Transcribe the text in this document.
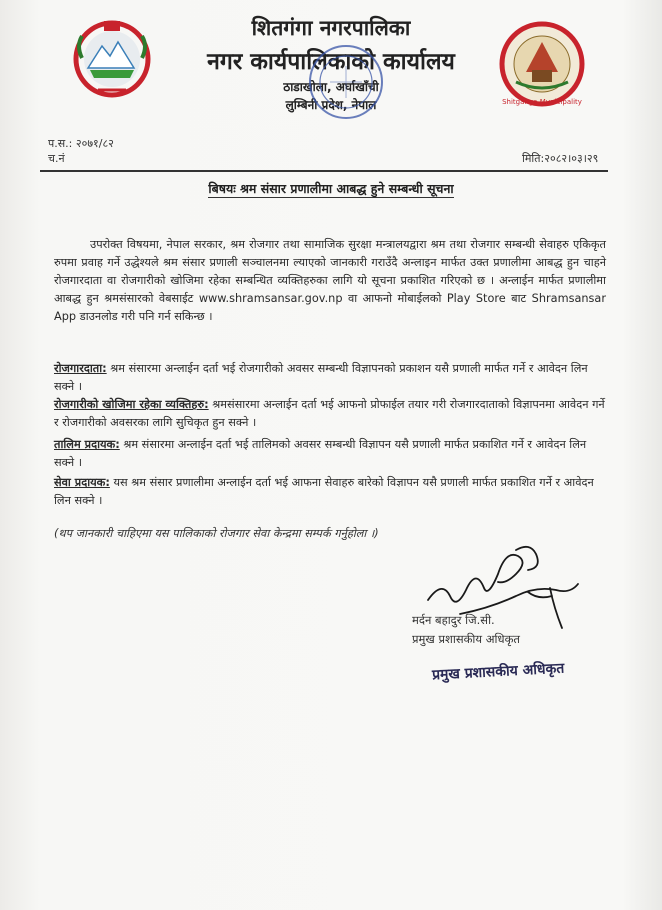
Shitganga Municipality
शितगंगा नगरपालिका
नगर कार्यपालिकाको कार्यालय
ठाडाखोला, अर्घाखाँची
लुम्बिनी प्रदेश, नेपाल
प.स.: २०७१/८२
च.नं	मिति:२०८२।०३।२९
बिषयः श्रम संसार प्रणालीमा आबद्ध हुने सम्बन्धी सूचना
उपरोक्त विषयमा, नेपाल सरकार, श्रम रोजगार तथा सामाजिक सुरक्षा मन्त्रालयद्वारा श्रम तथा रोजगार सम्बन्धी सेवाहरु एकिकृत रुपमा प्रवाह गर्ने उद्धेश्यले श्रम संसार प्रणाली सञ्चालनमा ल्याएको जानकारी गराउँदै अन्लाइन मार्फत उक्त प्रणालीमा आबद्ध हुन चाहने रोजगारदाता वा रोजगारीको खोजिमा रहेका सम्बन्धित व्यक्तिहरुका लागि यो सूचना प्रकाशित गरिएको छ । अन्लाईन मार्फत प्रणालीमा आबद्ध हुन श्रमसंसारको वेबसाईट www.shramsansar.gov.np वा आफनो मोबाईलको Play Store बाट Shramsansar App डाउनलोड गरी पनि गर्न सकिन्छ ।
रोजगारदाता: श्रम संसारमा अन्लाईन दर्ता भई रोजगारीको अवसर सम्बन्धी विज्ञापनको प्रकाशन यसै प्रणाली मार्फत गर्ने र आवेदन लिन सक्ने ।
रोजगारीको खोजिमा रहेका व्यक्तिहरु: श्रमसंसारमा अन्लाईन दर्ता भई आफनो प्रोफाईल तयार गरी रोजगारदाताको विज्ञापनमा आवेदन गर्ने र रोजगारीको अवसरका लागि सुचिकृत हुन सक्ने ।
तालिम प्रदायक: श्रम संसारमा अन्लाईन दर्ता भई तालिमको अवसर सम्बन्धी विज्ञापन यसै प्रणाली मार्फत प्रकाशित गर्ने र आवेदन लिन सक्ने ।
सेवा प्रदायक: यस श्रम संसार प्रणालीमा अन्लाईन दर्ता भई आफना सेवाहरु बारेको विज्ञापन यसै प्रणाली मार्फत प्रकाशित गर्ने र आवेदन लिन सक्ने ।
(थप जानकारी चाहिएमा यस पालिकाको रोजगार सेवा केन्द्रमा सम्पर्क गर्नुहोला ।)
मर्दन बहादुर जि.सी.
प्रमुख प्रशासकीय अधिकृत
प्रमुख प्रशासकीय अधिकृत
